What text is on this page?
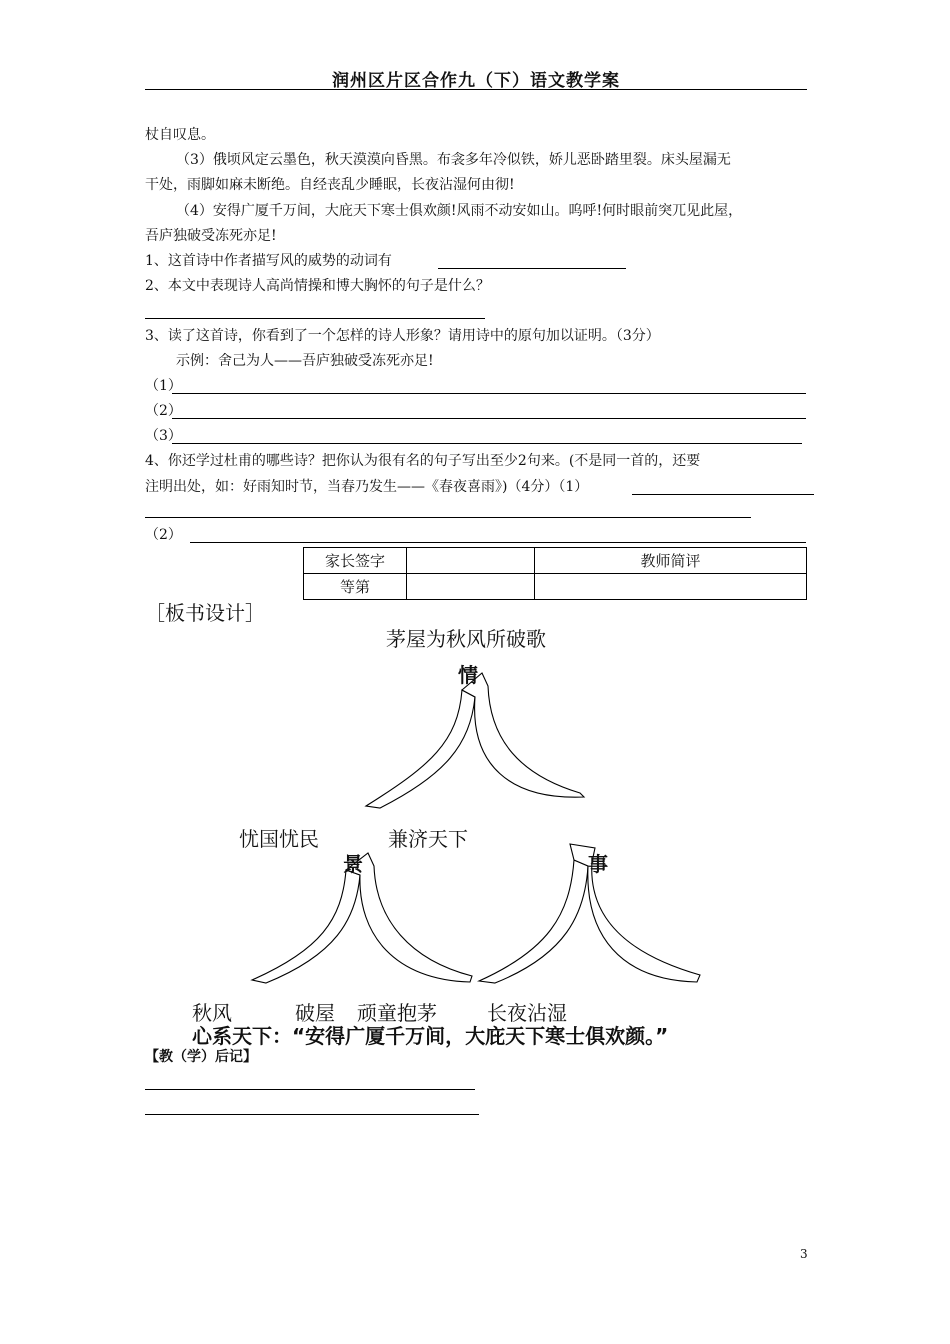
润州区片区合作九（下）语文教学案
杖自叹息。
（3）俄顷风定云墨色，秋天漠漠向昏黑。布衾多年冷似铁，娇儿恶卧踏里裂。床头屋漏无
干处，雨脚如麻未断绝。自经丧乱少睡眠，长夜沾湿何由彻!
（4）安得广厦千万间，大庇天下寒士俱欢颜!风雨不动安如山。呜呼!何时眼前突兀见此屋，
吾庐独破受冻死亦足!
1、这首诗中作者描写风的威势的动词有
2、本文中表现诗人高尚情操和博大胸怀的句子是什么？
3、读了这首诗，你看到了一个怎样的诗人形象？请用诗中的原句加以证明。（3分）
示例：舍己为人——吾庐独破受冻死亦足!
（1）
（2）
（3）
4、你还学过杜甫的哪些诗？把你认为很有名的句子写出至少2句来。(不是同一首的，还要
注明出处，如：好雨知时节，当春乃发生——《春夜喜雨》)（4分）（1）
（2）
家长签字		教师简评
等第		
［板书设计］
茅屋为秋风所破歌
情
忧国忧民	兼济天下
景	事
秋风	破屋 顽童抱茅	长夜沾湿
心系天下：“安得广厦千万间，大庇天下寒士俱欢颜。”
【教（学）后记】
3
